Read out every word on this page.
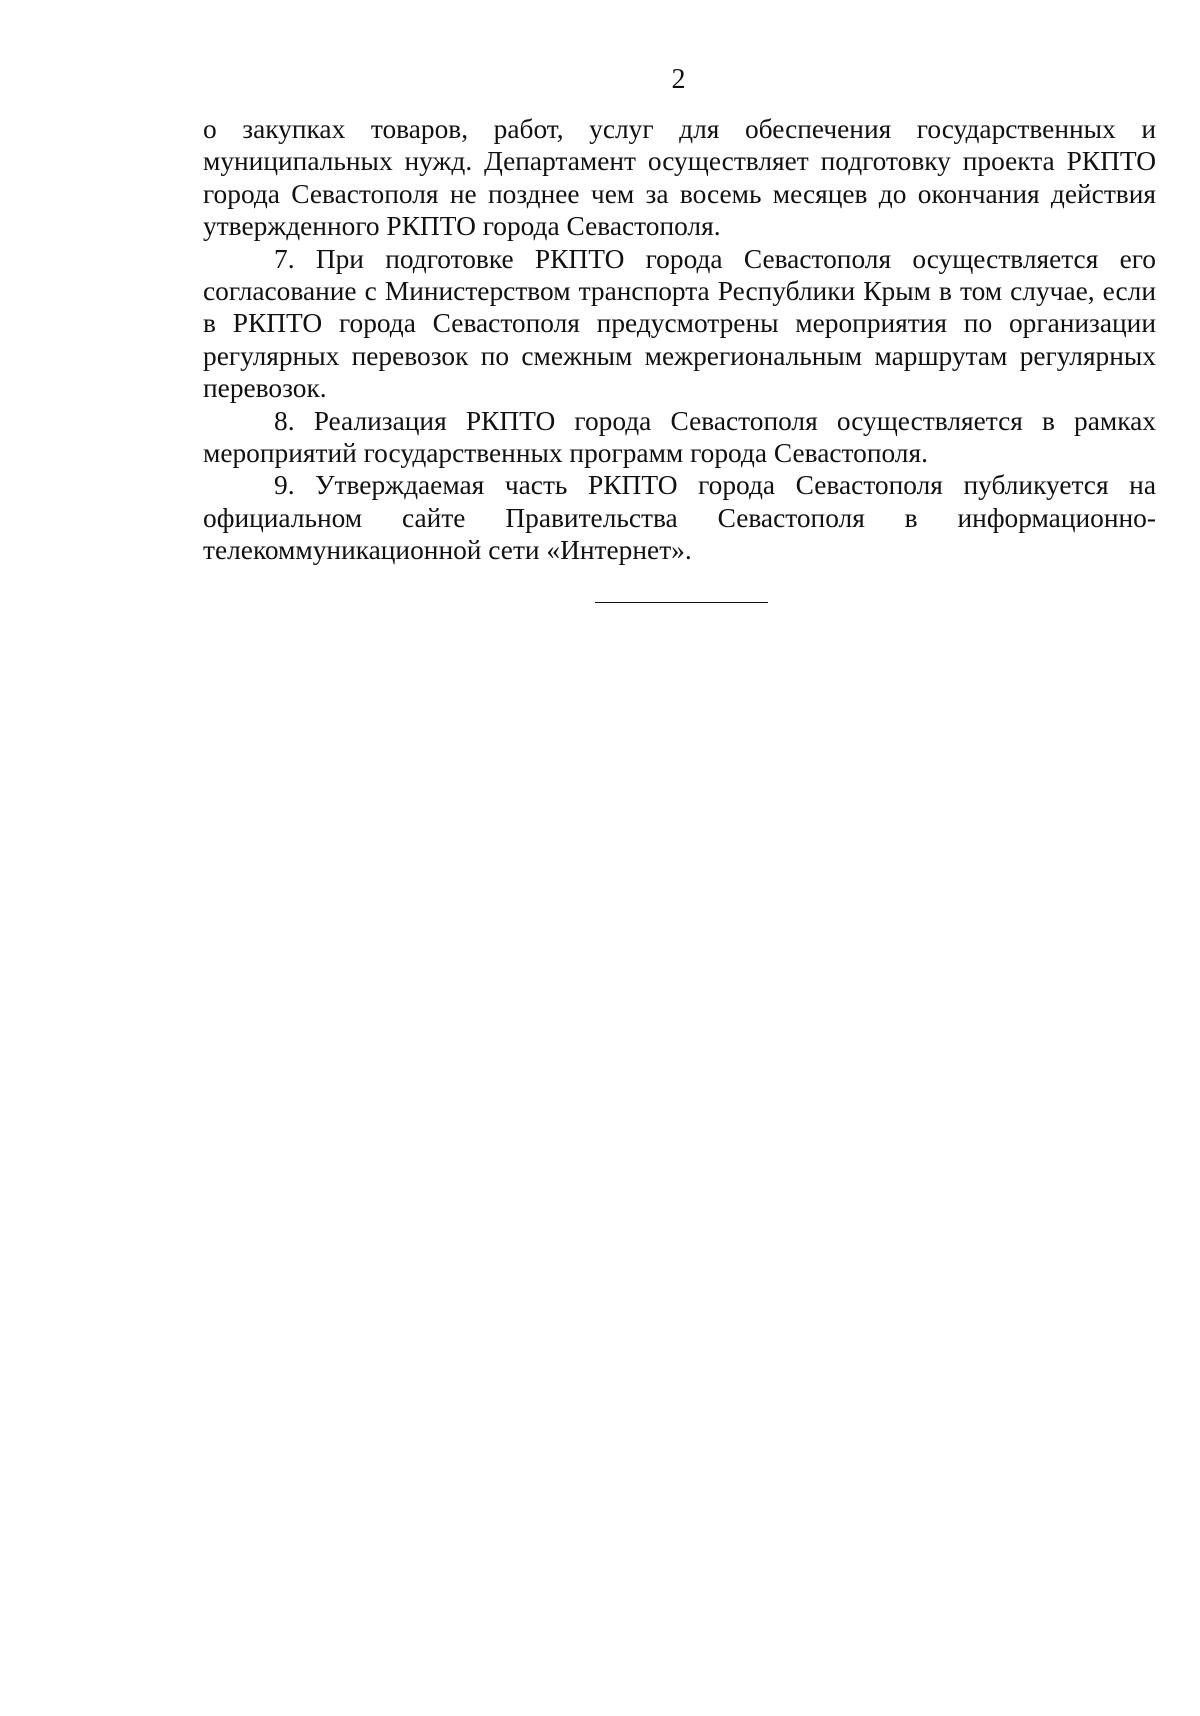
2

о закупках товаров, работ, услуг для обеспечения государственных и муниципальных нужд. Департамент осуществляет подготовку проекта РКПТО города Севастополя не позднее чем за восемь месяцев до окончания действия утвержденного РКПТО города Севастополя.

7. При подготовке РКПТО города Севастополя осуществляется его согласование с Министерством транспорта Республики Крым в том случае, если в РКПТО города Севастополя предусмотрены мероприятия по организации регулярных перевозок по смежным межрегиональным маршрутам регулярных перевозок.

8. Реализация РКПТО города Севастополя осуществляется в рамках мероприятий государственных программ города Севастополя.

9. Утверждаемая часть РКПТО города Севастополя публикуется на официальном сайте Правительства Севастополя в информационно-телекоммуникационной сети «Интернет».
